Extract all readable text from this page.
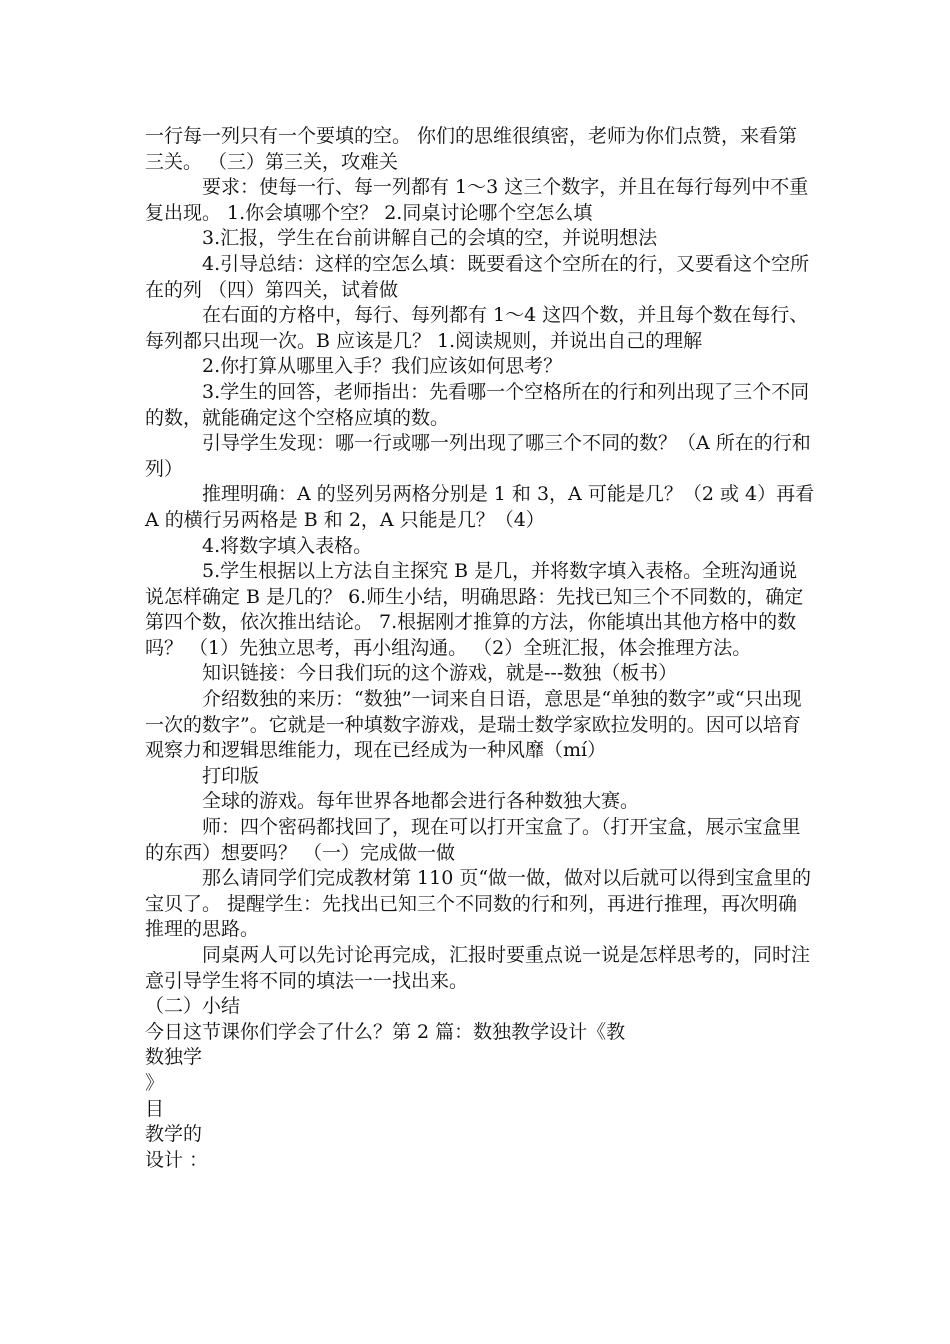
一行每一列只有一个要填的空。 你们的思维很缜密，老师为你们点赞，来看第三关。 （三）第三关，攻难关

要求：使每一行、每一列都有 1～3 这三个数字，并且在每行每列中不重复出现。 1.你会填哪个空？ 2.同桌讨论哪个空怎么填

3.汇报，学生在台前讲解自己的会填的空，并说明想法

4.引导总结：这样的空怎么填：既要看这个空所在的行，又要看这个空所在的列 （四）第四关，试着做

在右面的方格中，每行、每列都有 1～4 这四个数，并且每个数在每行、每列都只出现一次。B 应该是几？ 1.阅读规则，并说出自己的理解

2.你打算从哪里入手？我们应该如何思考？

3.学生的回答，老师指出：先看哪一个空格所在的行和列出现了三个不同的数，就能确定这个空格应填的数。

引导学生发现：哪一行或哪一列出现了哪三个不同的数？（A 所在的行和列）

推理明确：A 的竖列另两格分别是 1 和 3，A 可能是几？（2 或 4）再看 A 的横行另两格是 B 和 2，A 只能是几？（4）

4.将数字填入表格。

5.学生根据以上方法自主探究 B 是几，并将数字填入表格。全班沟通说说怎样确定 B 是几的？ 6.师生小结，明确思路：先找已知三个不同数的，确定第四个数，依次推出结论。 7.根据刚才推算的方法，你能填出其他方格中的数吗？ （1）先独立思考，再小组沟通。 （2）全班汇报，体会推理方法。

知识链接：今日我们玩的这个游戏，就是---数独（板书）

介绍数独的来历：“数独”一词来自日语，意思是“单独的数字”或“只出现一次的数字”。它就是一种填数字游戏，是瑞士数学家欧拉发明的。因可以培育观察力和逻辑思维能力，现在已经成为一种风靡（mí）

打印版

全球的游戏。每年世界各地都会进行各种数独大赛。

师：四个密码都找回了，现在可以打开宝盒了。（打开宝盒，展示宝盒里的东西）想要吗？ （一）完成做一做

那么请同学们完成教材第 110 页“做一做，做对以后就可以得到宝盒里的宝贝了。 提醒学生：先找出已知三个不同数的行和列，再进行推理，再次明确推理的思路。

同桌两人可以先讨论再完成，汇报时要重点说一说是怎样思考的，同时注意引导学生将不同的填法一一找出来。

（二）小结

今日这节课你们学会了什么？第 2 篇：数独教学设计《教

数独学

》

目

教学的

设计 ：
